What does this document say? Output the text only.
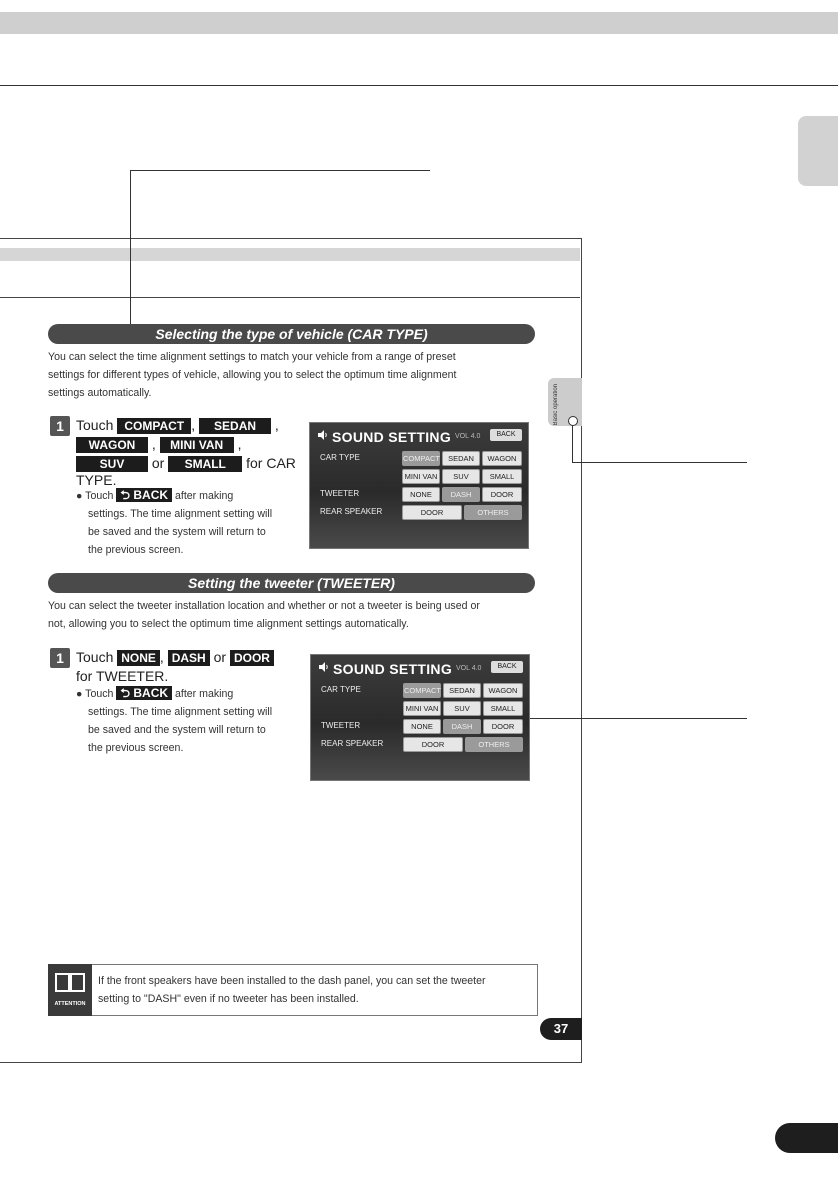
Basic operation
Selecting the type of vehicle (CAR TYPE)
You can select the time alignment settings to match your vehicle from a range of preset
settings for different types of vehicle, allowing you to select the optimum time alignment
settings automatically.
1 Touch COMPACT , SEDAN ,
WAGON , MINI VAN ,
SUV or SMALL for CAR
TYPE.
● Touch ⮌ BACK after making
settings. The time alignment setting will
be saved and the system will return to
the previous screen.
SOUND SETTING VOL 4.0	BACK
CAR TYPE	COMPACT	SEDAN	WAGON
MINI VAN	SUV	SMALL
TWEETER	NONE	DASH	DOOR
REAR SPEAKER	DOOR	OTHERS
Setting the tweeter (TWEETER)
You can select the tweeter installation location and whether or not a tweeter is being used or
not, allowing you to select the optimum time alignment settings automatically.
1 Touch NONE , DASH or DOOR
for TWEETER.
● Touch ⮌ BACK after making
settings. The time alignment setting will
be saved and the system will return to
the previous screen.
SOUND SETTING VOL 4.0	BACK
CAR TYPE	COMPACT	SEDAN	WAGON
MINI VAN	SUV	SMALL
TWEETER	NONE	DASH	DOOR
REAR SPEAKER	DOOR	OTHERS
ATTENTION
If the front speakers have been installed to the dash panel, you can set the tweeter
setting to "DASH" even if no tweeter has been installed.
37
